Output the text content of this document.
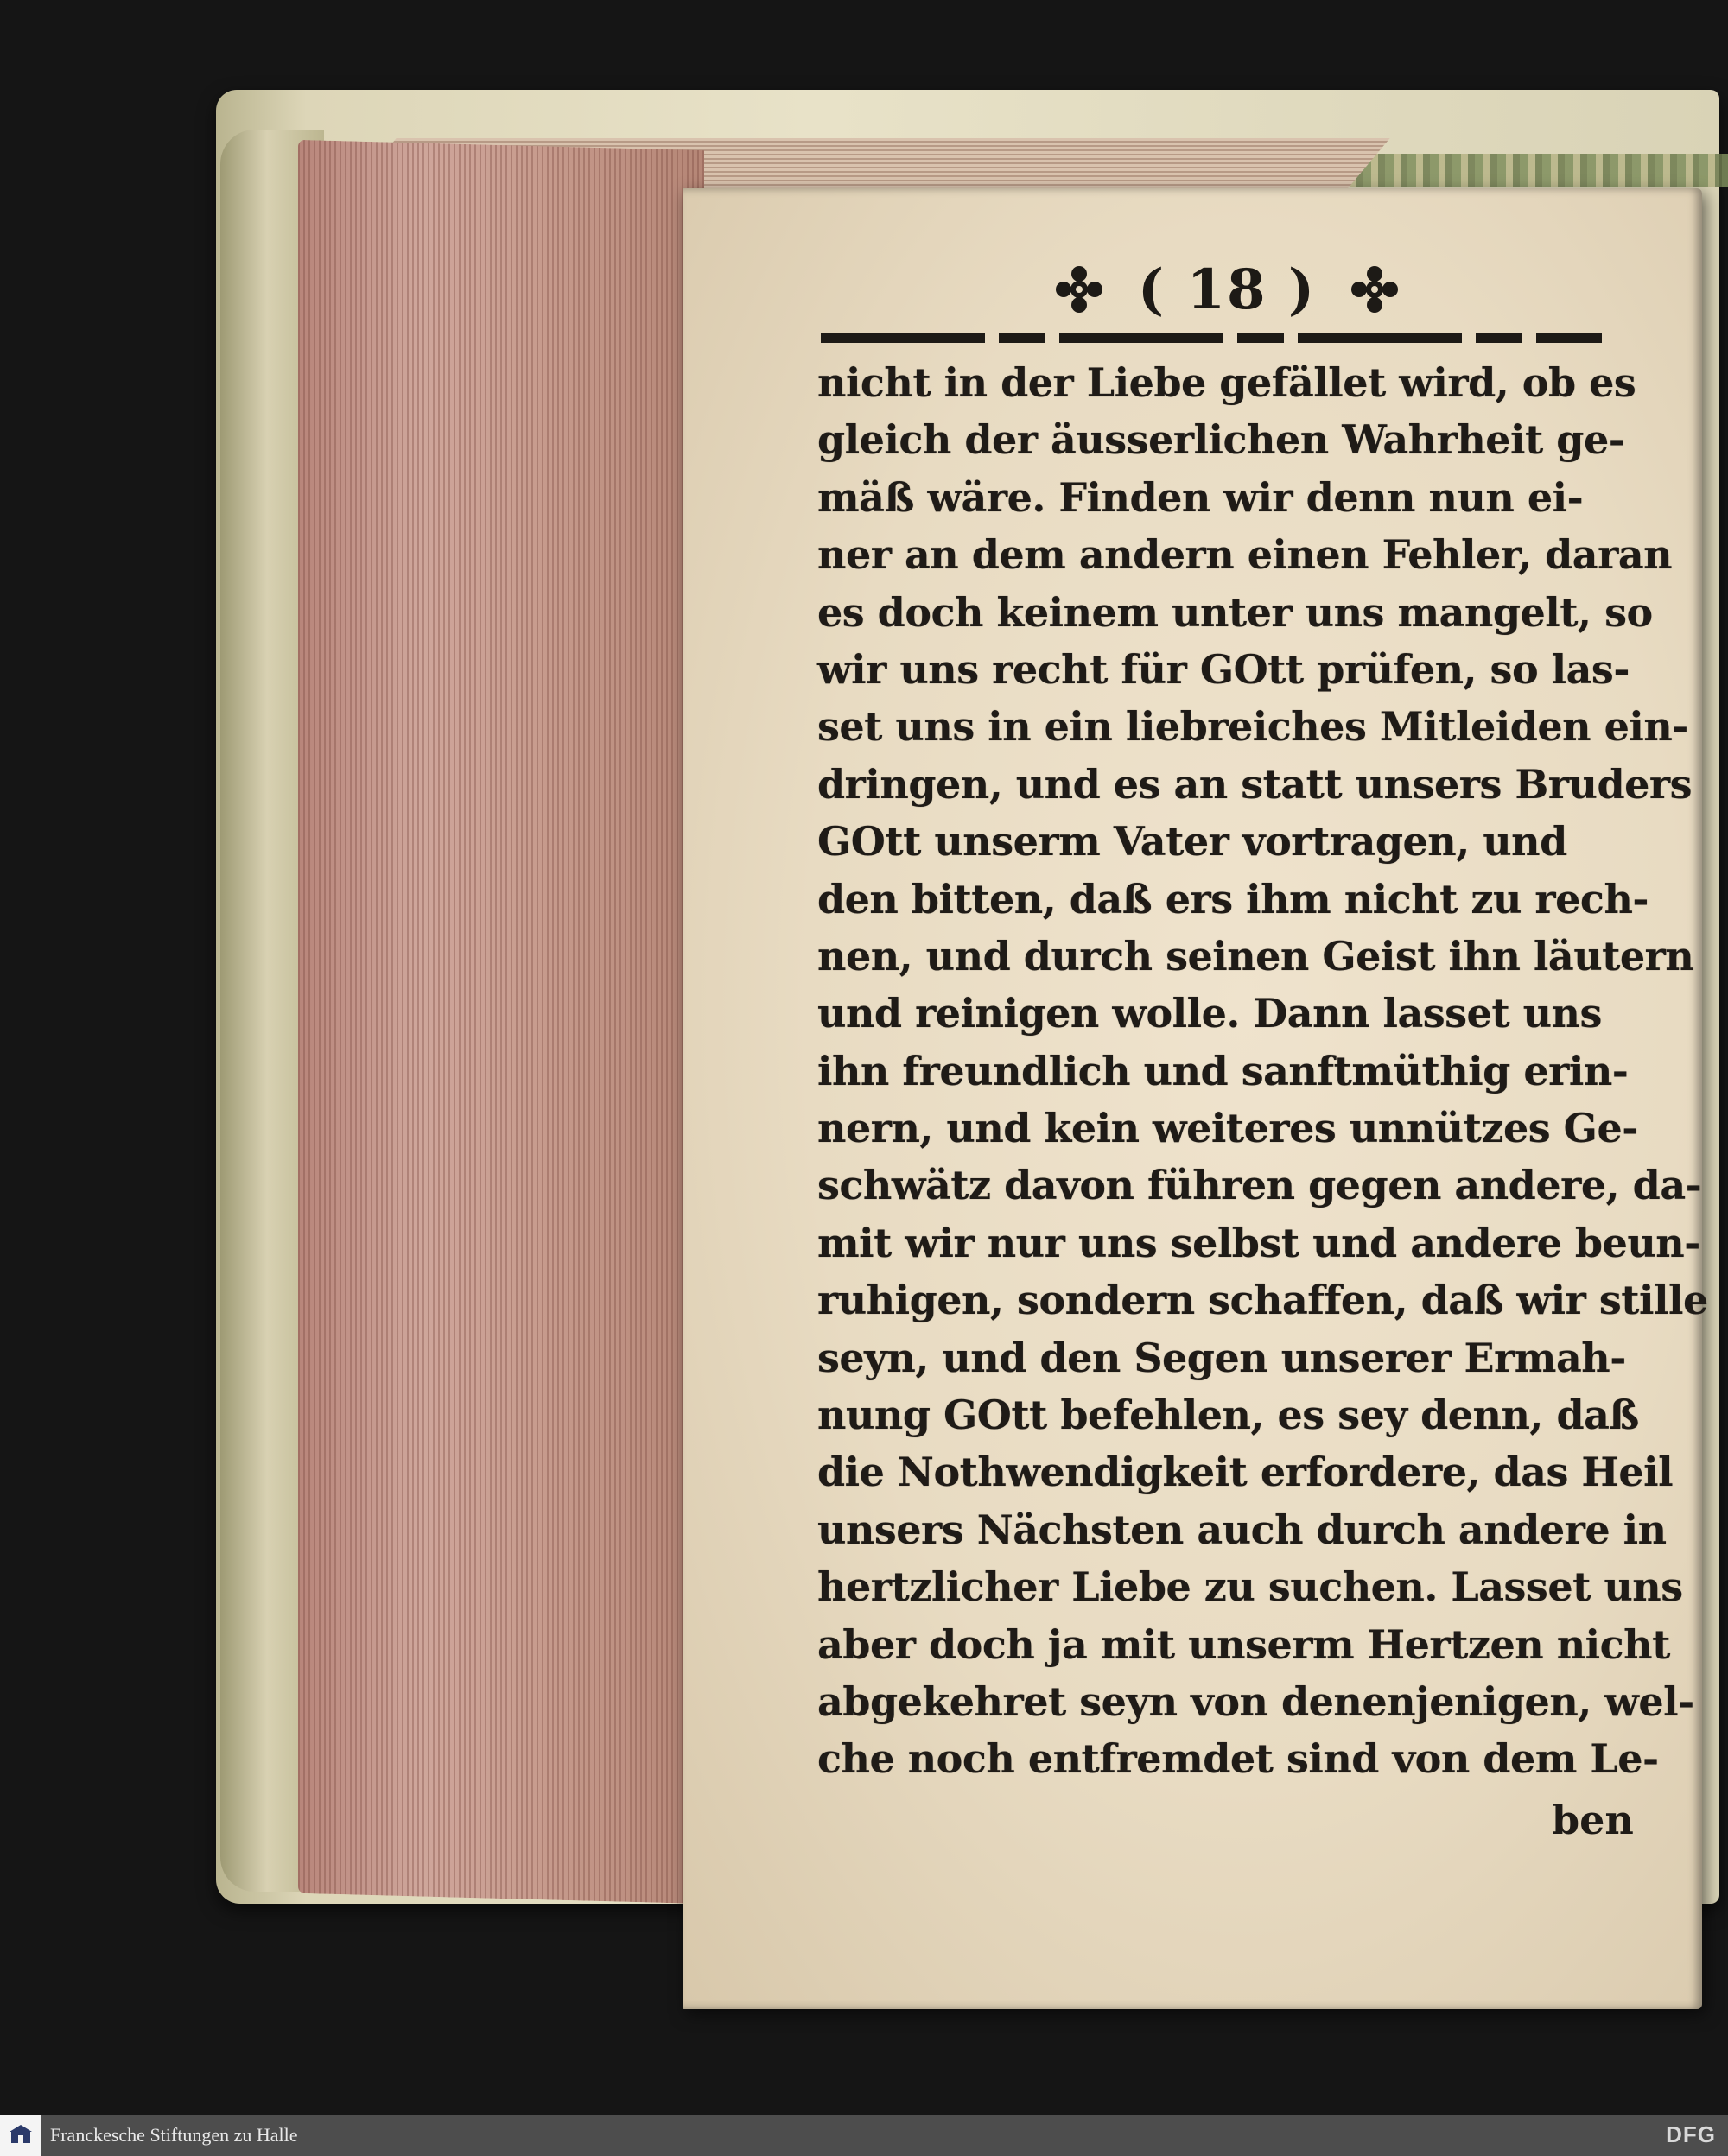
( 18 )
nicht in der Liebe gefället wird, ob es
gleich der äusserlichen Wahrheit ge-
mäß wäre. Finden wir denn nun ei-
ner an dem andern einen Fehler, daran
es doch keinem unter uns mangelt, so
wir uns recht für GOtt prüfen, so las-
set uns in ein liebreiches Mitleiden ein-
dringen, und es an statt unsers Bruders
GOtt unserm Vater vortragen, und
den bitten, daß ers ihm nicht zu rech-
nen, und durch seinen Geist ihn läutern
und reinigen wolle. Dann lasset uns
ihn freundlich und sanftmüthig erin-
nern, und kein weiteres unnützes Ge-
schwätz davon führen gegen andere, da-
mit wir nur uns selbst und andere beun-
ruhigen, sondern schaffen, daß wir stille
seyn, und den Segen unserer Ermah-
nung GOtt befehlen, es sey denn, daß
die Nothwendigkeit erfordere, das Heil
unsers Nächsten auch durch andere in
hertzlicher Liebe zu suchen. Lasset uns
aber doch ja mit unserm Hertzen nicht
abgekehret seyn von denenjenigen, wel-
che noch entfremdet sind von dem Le-
ben
Franckesche Stiftungen zu Halle	DFG
